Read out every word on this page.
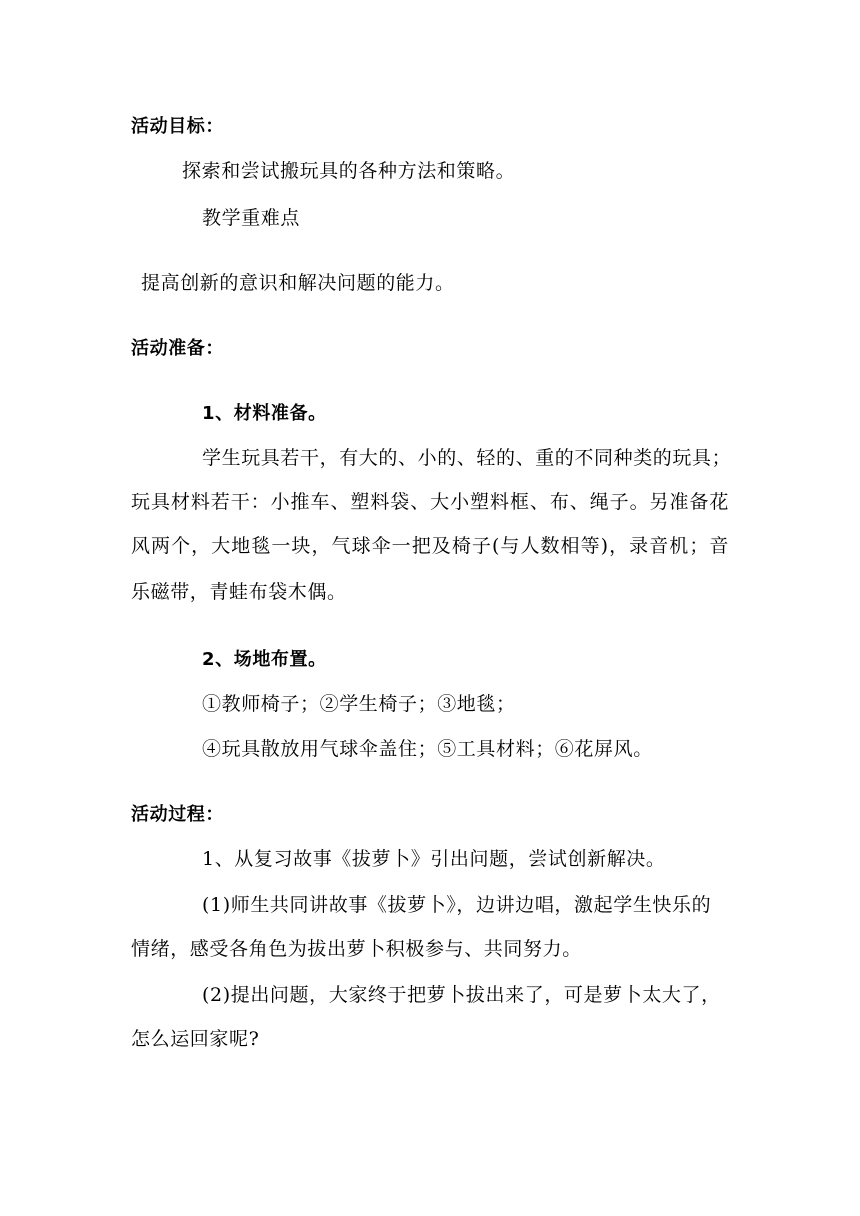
活动目标：

探索和尝试搬玩具的各种方法和策略。

教学重难点

提高创新的意识和解决问题的能力。

活动准备：

1、材料准备。

学生玩具若干，有大的、小的、轻的、重的不同种类的玩具；

玩具材料若干：小推车、塑料袋、大小塑料框、布、绳子。另准备花

风两个，大地毯一块，气球伞一把及椅子(与人数相等)，录音机；音

乐磁带，青蛙布袋木偶。

2、场地布置。

①教师椅子；②学生椅子；③地毯；

④玩具散放用气球伞盖住；⑤工具材料；⑥花屏风。

活动过程：

1、从复习故事《拔萝卜》引出问题，尝试创新解决。

(1)师生共同讲故事《拔萝卜》，边讲边唱，激起学生快乐的

情绪，感受各角色为拔出萝卜积极参与、共同努力。

(2)提出问题，大家终于把萝卜拔出来了，可是萝卜太大了，

怎么运回家呢?
